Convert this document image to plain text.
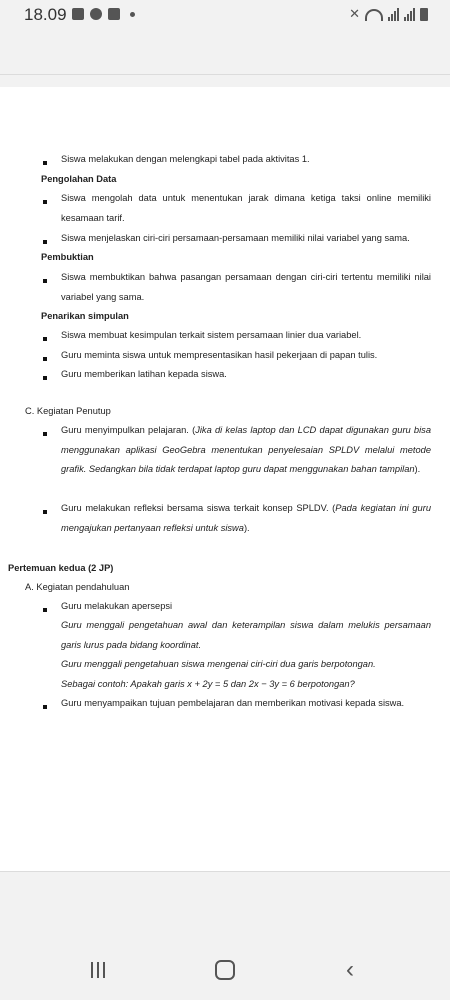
18.09	✕
Siswa melakukan dengan melengkapi tabel pada aktivitas 1.
Pengolahan Data
Siswa mengolah data untuk menentukan jarak dimana ketiga taksi online memiliki kesamaan tarif.
Siswa menjelaskan ciri-ciri persamaan-persamaan memiliki nilai variabel yang sama.
Pembuktian
Siswa membuktikan bahwa pasangan persamaan dengan ciri-ciri tertentu memiliki nilai variabel yang sama.
Penarikan simpulan
Siswa membuat kesimpulan terkait sistem persamaan linier dua variabel.
Guru meminta siswa untuk mempresentasikan hasil pekerjaan di papan tulis.
Guru memberikan latihan kepada siswa.
C. Kegiatan Penutup
Guru menyimpulkan pelajaran. (Jika di kelas laptop dan LCD dapat digunakan guru bisa menggunakan aplikasi GeoGebra menentukan penyelesaian SPLDV melalui metode grafik. Sedangkan bila tidak terdapat laptop guru dapat menggunakan bahan tampilan).
Guru melakukan refleksi bersama siswa terkait konsep SPLDV. (Pada kegiatan ini guru mengajukan pertanyaan refleksi untuk siswa).
Pertemuan kedua (2 JP)
A. Kegiatan pendahuluan
Guru melakukan apersepsi
Guru menggali pengetahuan awal dan keterampilan siswa dalam melukis persamaan garis lurus pada bidang koordinat.
Guru menggali pengetahuan siswa mengenai ciri-ciri dua garis berpotongan.
Sebagai contoh: Apakah garis x + 2y = 5 dan 2x − 3y = 6 berpotongan?
Guru menyampaikan tujuan pembelajaran dan memberikan motivasi kepada siswa.
‹
